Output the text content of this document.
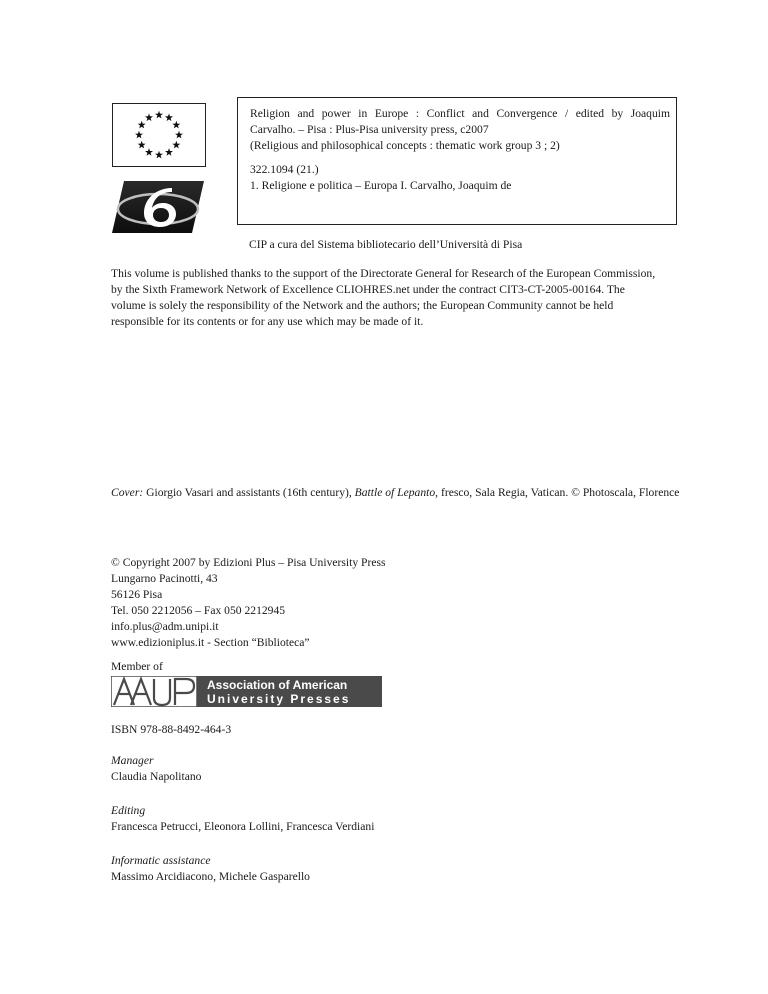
Religion and power in Europe : Conflict and Convergence / edited by Joaquim
Carvalho. – Pisa : Plus-Pisa university press, c2007
(Religious and philosophical concepts : thematic work group 3 ; 2)
322.1094 (21.)
1. Religione e politica – Europa I. Carvalho, Joaquim de
CIP a cura del Sistema bibliotecario dell’Università di Pisa
This volume is published thanks to the support of the Directorate General for Research of the European Commission,
by the Sixth Framework Network of Excellence CLIOHRES.net under the contract CIT3-CT-2005-00164. The
volume is solely the responsibility of the Network and the authors; the European Community cannot be held
responsible for its contents or for any use which may be made of it.
Cover: Giorgio Vasari and assistants (16th century), Battle of Lepanto, fresco, Sala Regia, Vatican. © Photoscala, Florence
© Copyright 2007 by Edizioni Plus – Pisa University Press
Lungarno Pacinotti, 43
56126 Pisa
Tel. 050 2212056 – Fax 050 2212945
info.plus@adm.unipi.it
www.edizioniplus.it - Section “Biblioteca”
Member of
Association of American
University Presses
ISBN 978-88-8492-464-3
Manager
Claudia Napolitano
Editing
Francesca Petrucci, Eleonora Lollini, Francesca Verdiani
Informatic assistance
Massimo Arcidiacono, Michele Gasparello
